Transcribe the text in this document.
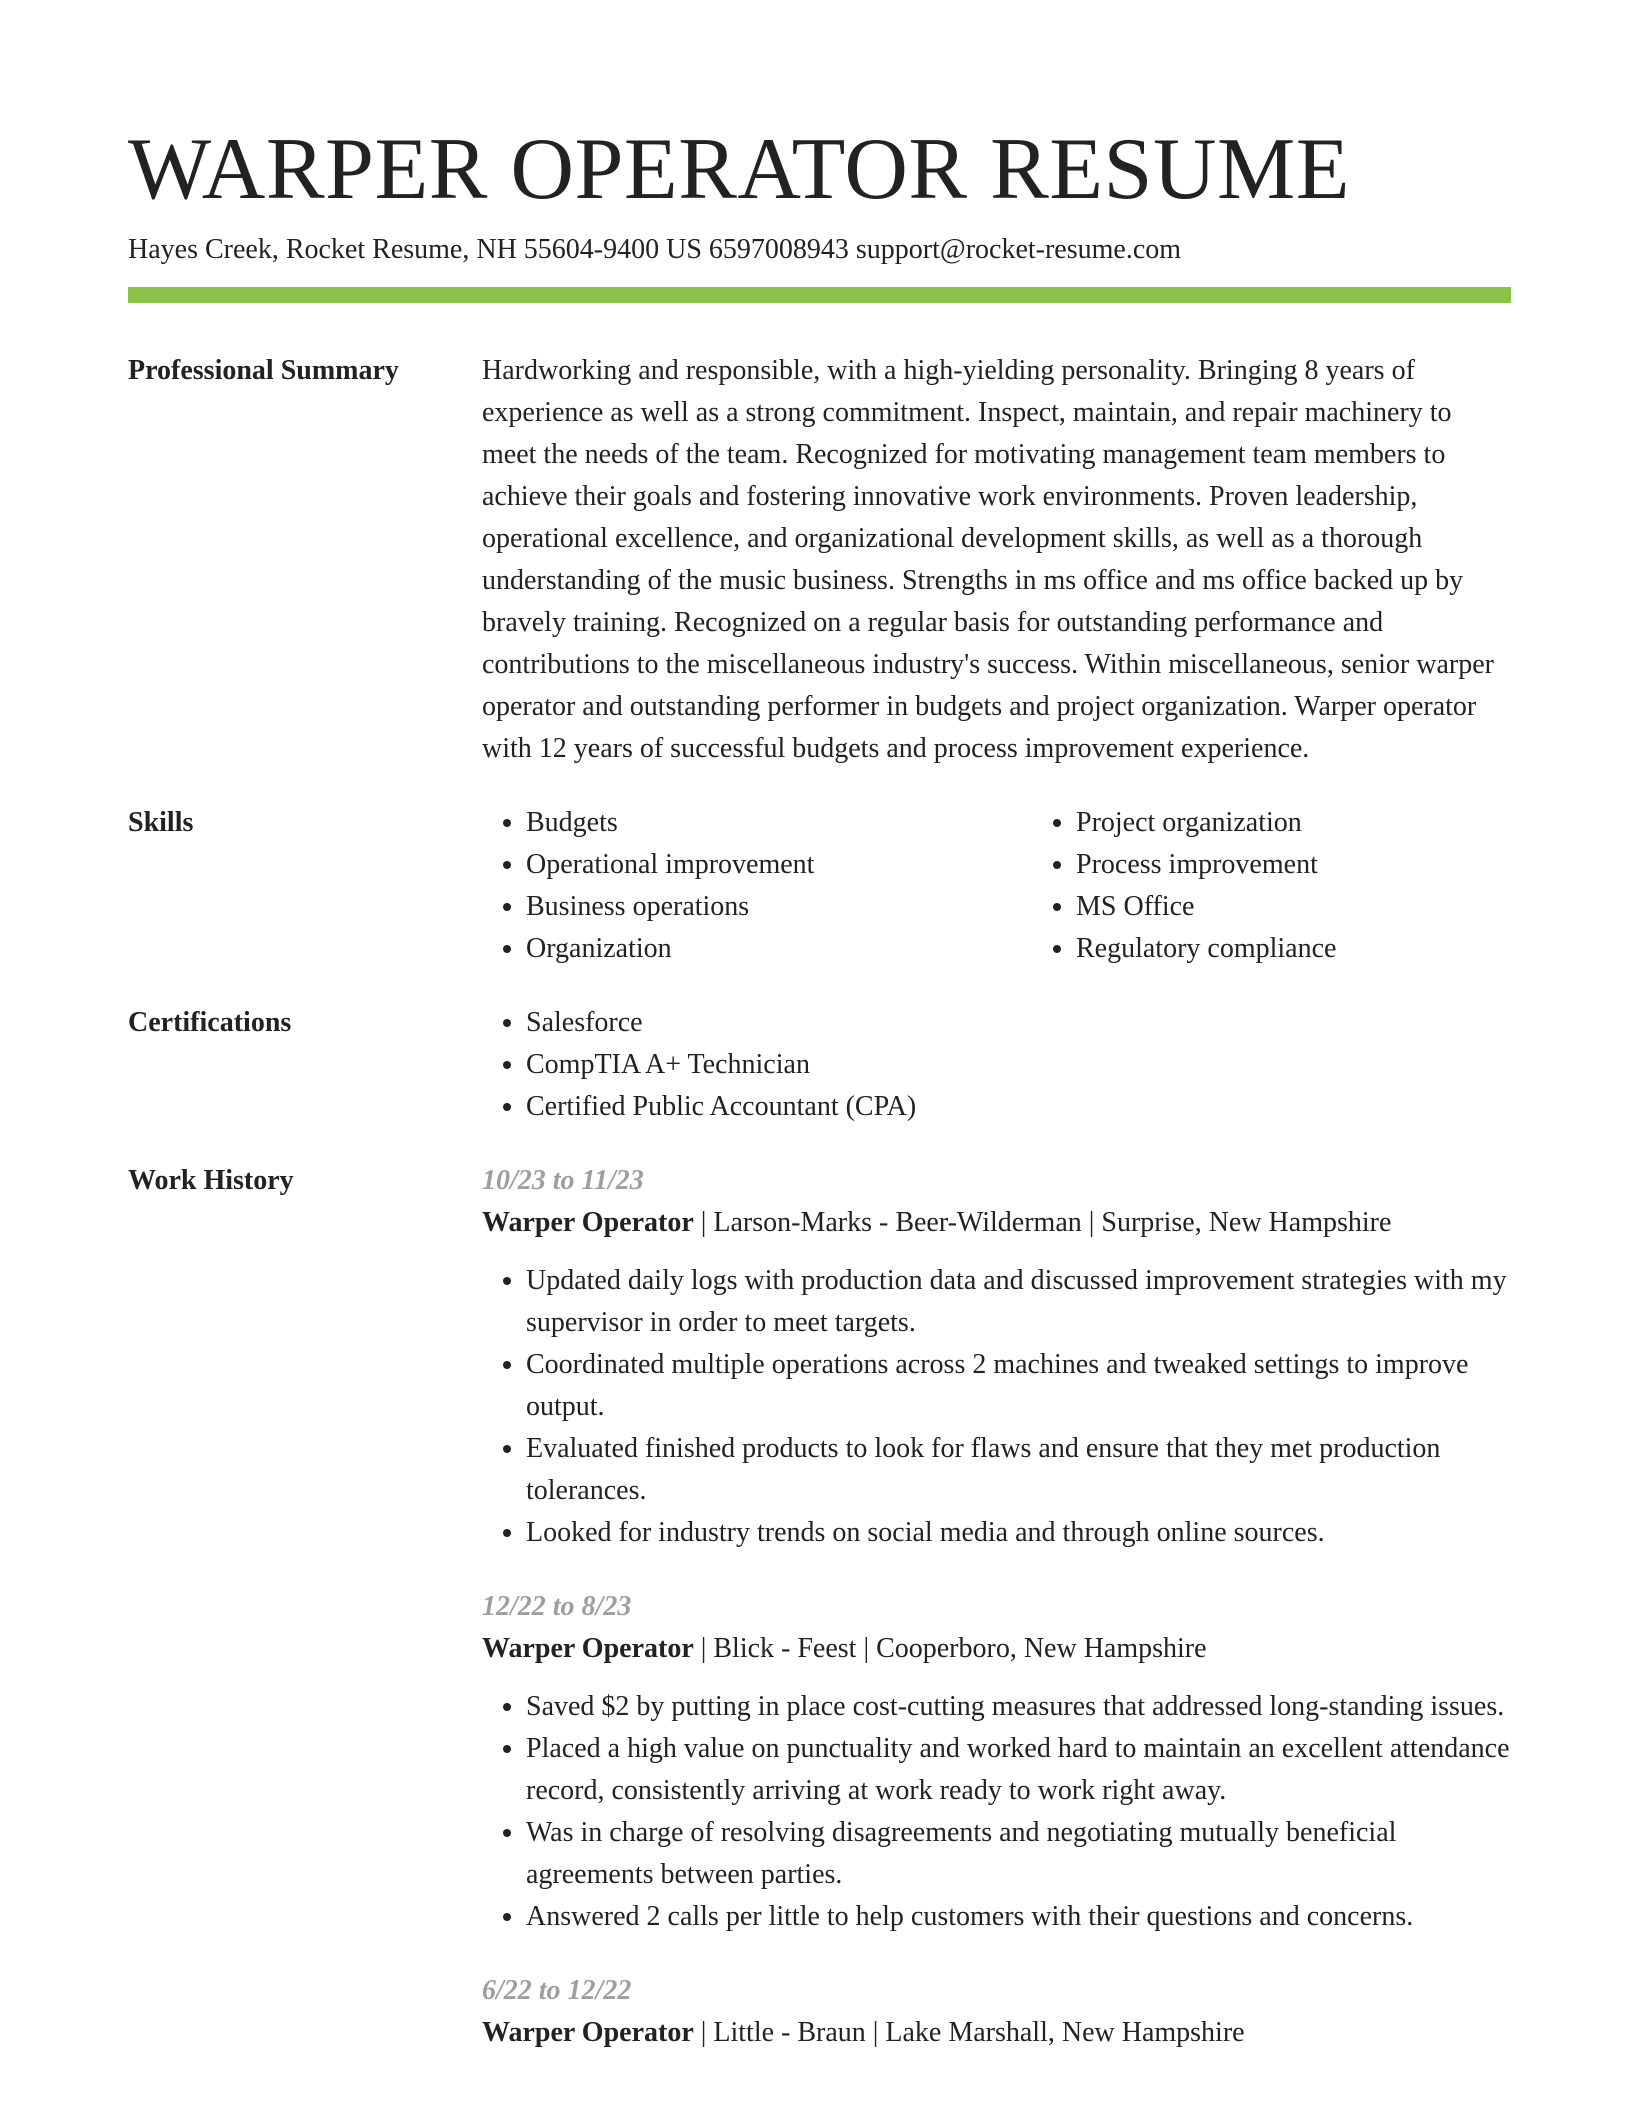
WARPER OPERATOR RESUME
Hayes Creek, Rocket Resume, NH 55604-9400 US 6597008943 support@rocket-resume.com
Professional Summary	Hardworking and responsible, with a high-yielding personality. Bringing 8 years of experience as well as a strong commitment. Inspect, maintain, and repair machinery to meet the needs of the team. Recognized for motivating management team members to achieve their goals and fostering innovative work environments. Proven leadership, operational excellence, and organizational development skills, as well as a thorough understanding of the music business. Strengths in ms office and ms office backed up by bravely training. Recognized on a regular basis for outstanding performance and contributions to the miscellaneous industry's success. Within miscellaneous, senior warper operator and outstanding performer in budgets and project organization. Warper operator with 12 years of successful budgets and process improvement experience.

Skills	• Budgets
• Operational improvement
• Business operations
• Organization
• Project organization
• Process improvement
• MS Office
• Regulatory compliance
Certifications	• Salesforce
• CompTIA A+ Technician
• Certified Public Accountant (CPA)
Work History	10/23 to 11/23
Warper Operator | Larson-Marks - Beer-Wilderman | Surprise, New Hampshire
• Updated daily logs with production data and discussed improvement strategies with my supervisor in order to meet targets.
• Coordinated multiple operations across 2 machines and tweaked settings to improve output.
• Evaluated finished products to look for flaws and ensure that they met production tolerances.
• Looked for industry trends on social media and through online sources.
12/22 to 8/23
Warper Operator | Blick - Feest | Cooperboro, New Hampshire
• Saved $2 by putting in place cost-cutting measures that addressed long-standing issues.
• Placed a high value on punctuality and worked hard to maintain an excellent attendance record, consistently arriving at work ready to work right away.
• Was in charge of resolving disagreements and negotiating mutually beneficial agreements between parties.
• Answered 2 calls per little to help customers with their questions and concerns.
6/22 to 12/22
Warper Operator | Little - Braun | Lake Marshall, New Hampshire
